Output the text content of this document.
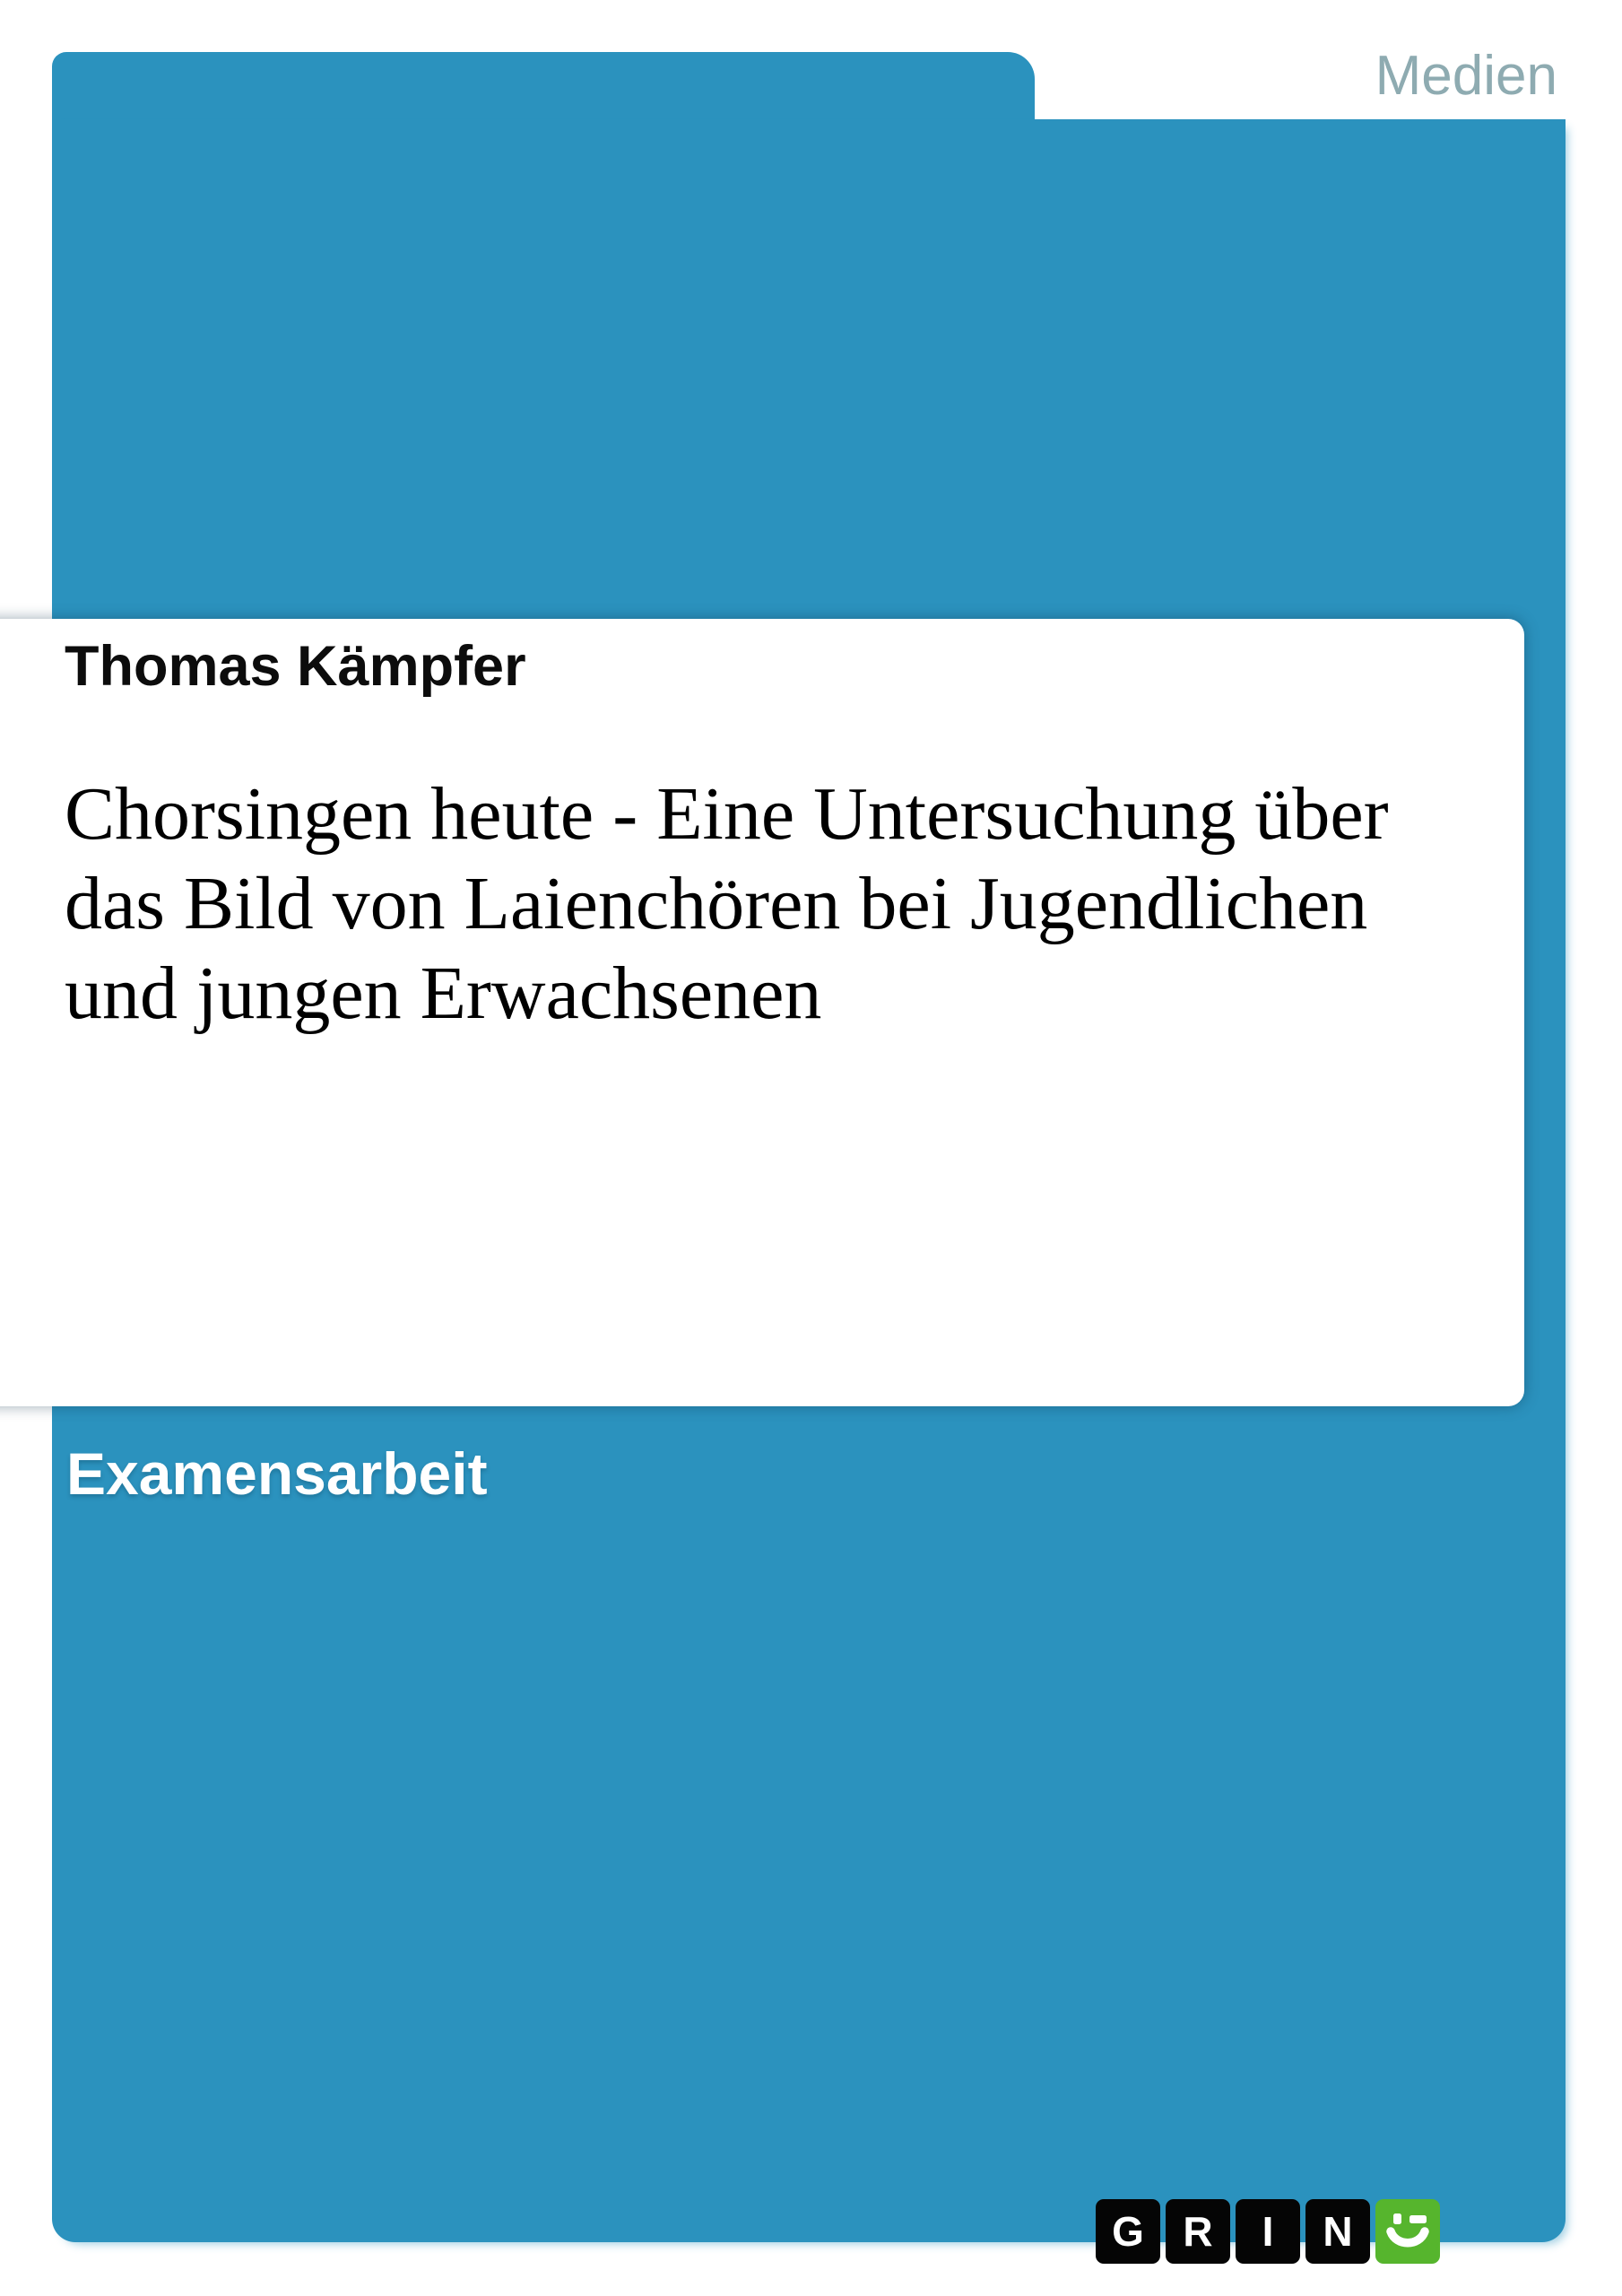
Medien
Thomas Kämpfer
Chorsingen heute - Eine Untersuchung über
das Bild von Laienchören bei Jugendlichen
und jungen Erwachsenen
Examensarbeit
G R	I	N
